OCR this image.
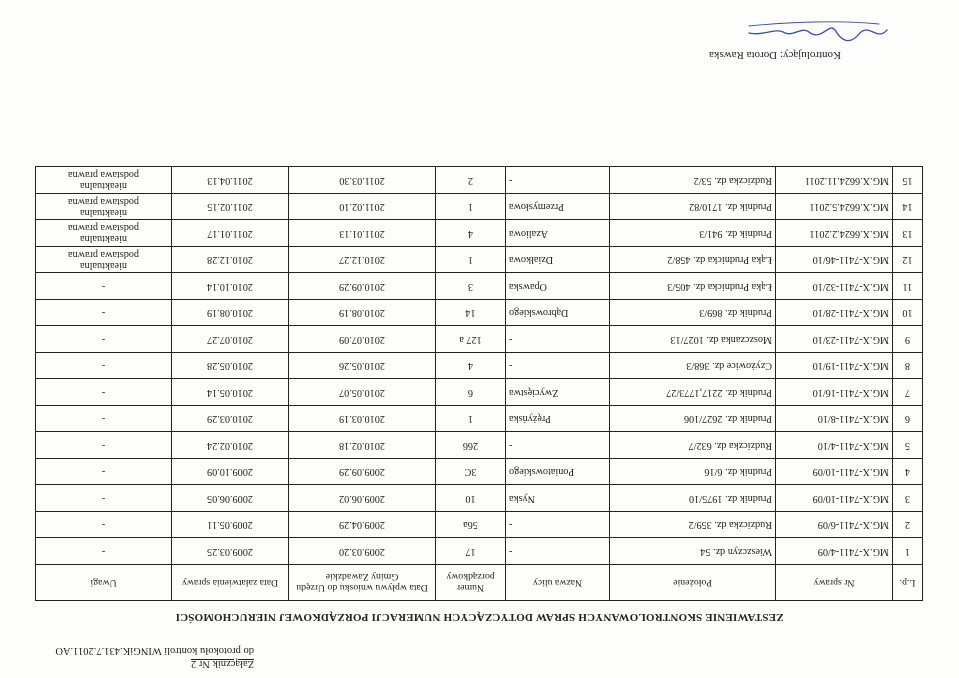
Załącznik Nr 2
do protokołu kontroli WINGiK.431.7.2011.AO
ZESTAWIENIE SKONTROLOWANYCH SPRAW DOTYCZĄCYCH NUMERACJI PORZĄDKOWEJ NIERUCHOMOŚCI
L.p.	Nr sprawy	Położenie	Nazwa ulicy	Numer porządkowy	Data wpływu wniosku do Urzędu Gminy Zawadzkie	Data załatwienia sprawy	Uwagi
1	MG.X-7411-4/09	Wieszczyn dz. 54	-	17	2009.03.20	2009.03.25	-

2	MG.X-7411-6/09	Rudziczka dz. 359/2	-	56a	2009.04.29	2009.05.11	-

3	MG.X-7411-10/09	Prudnik dz. 1975/10	Nyska	10	2009.06.02	2009.06.05	-

4	MG.X-7411-10/09	Prudnik dz. 6/16	Poniatowskiego	3C	2009.09.29	2009.10.09	-

5	MG.X-7411-4/10	Rudziczka dz. 632/7	-	266	2010.02.18	2010.02.24	-

6	MG.X-7411-8/10	Prudnik dz. 2627/106	Prężyńska	1	2010.03.19	2010.03.29	-

7	MG.X-7411-16/10	Prudnik dz. 2217,1773/27	Zwycięstwa	6	2010.05.07	2010.05.14	-

8	MG.X-7411-19/10	Czyżowice dz. 368/3	-	4	2010.05.26	2010.05.28	-

9	MG.X-7411-23/10	Moszczanka dz. 1027/13	-	127 a	2010.07.09	2010.07.27	-

10	MG.X-7411-28/10	Prudnik dz. 869/3	Dąbrowskiego	14	2010.08.19	2010.08.19	-

11	MG.X-7411-32/10	Łąka Prudnicka dz. 405/3	Opawska	3	2010.09.29	2010.10.14	-

12	MG.X-7411-46/10	Łąka Prudnicka dz. 458/2	Działkowa	1	2010.12.27	2010.12.28	nieaktualna
podstawa prawna

13	MG.X.6624.2.2011	Prudnik dz. 941/3	Azaliowa	4	2011.01.13	2011.01.17	nieaktualna
podstawa prawna

14	MG.X.6624.5.2011	Prudnik dz. 1710/82	Przemysłowa	1	2011.02.10	2011.02.15	nieaktualna
podstawa prawna

15	MG.X.6624.11.2011	Rudziczka dz. 53/2	-	2	2011.03.30	2011.04.13	nieaktualna
podstawa prawna
Kontrolujący: Dorota Rawska
